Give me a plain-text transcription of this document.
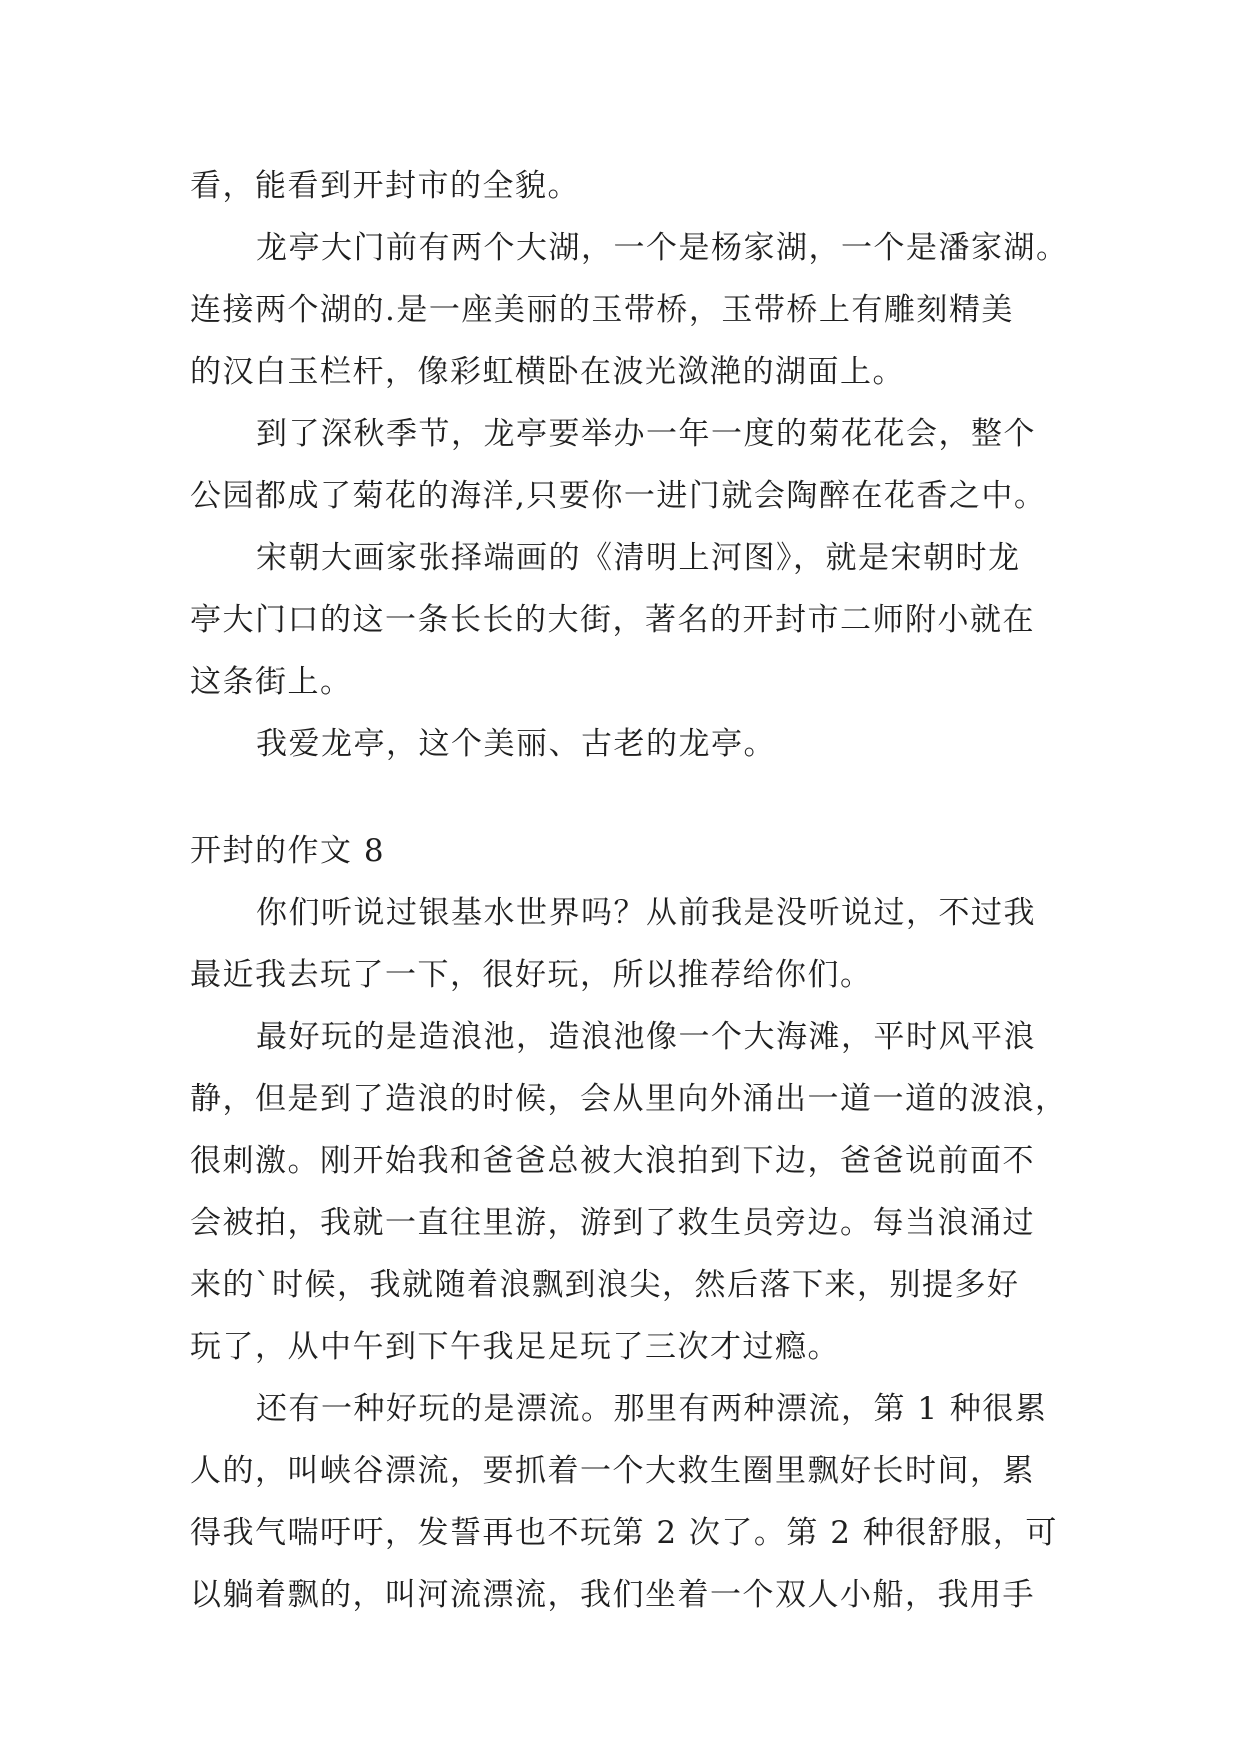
看，能看到开封市的全貌。
龙亭大门前有两个大湖，一个是杨家湖，一个是潘家湖。
连接两个湖的.是一座美丽的玉带桥，玉带桥上有雕刻精美
的汉白玉栏杆，像彩虹横卧在波光潋滟的湖面上。
到了深秋季节，龙亭要举办一年一度的菊花花会，整个
公园都成了菊花的海洋,只要你一进门就会陶醉在花香之中。
宋朝大画家张择端画的《清明上河图》，就是宋朝时龙
亭大门口的这一条长长的大街，著名的开封市二师附小就在
这条街上。
我爱龙亭，这个美丽、古老的龙亭。
开封的作文 8
你们听说过银基水世界吗？从前我是没听说过，不过我
最近我去玩了一下，很好玩，所以推荐给你们。
最好玩的是造浪池，造浪池像一个大海滩，平时风平浪
静，但是到了造浪的时候，会从里向外涌出一道一道的波浪，
很刺激。刚开始我和爸爸总被大浪拍到下边，爸爸说前面不
会被拍，我就一直往里游，游到了救生员旁边。每当浪涌过
来的`时候，我就随着浪飘到浪尖，然后落下来，别提多好
玩了，从中午到下午我足足玩了三次才过瘾。
还有一种好玩的是漂流。那里有两种漂流，第 1 种很累
人的，叫峡谷漂流，要抓着一个大救生圈里飘好长时间，累
得我气喘吁吁，发誓再也不玩第 2 次了。第 2 种很舒服，可
以躺着飘的，叫河流漂流，我们坐着一个双人小船，我用手
